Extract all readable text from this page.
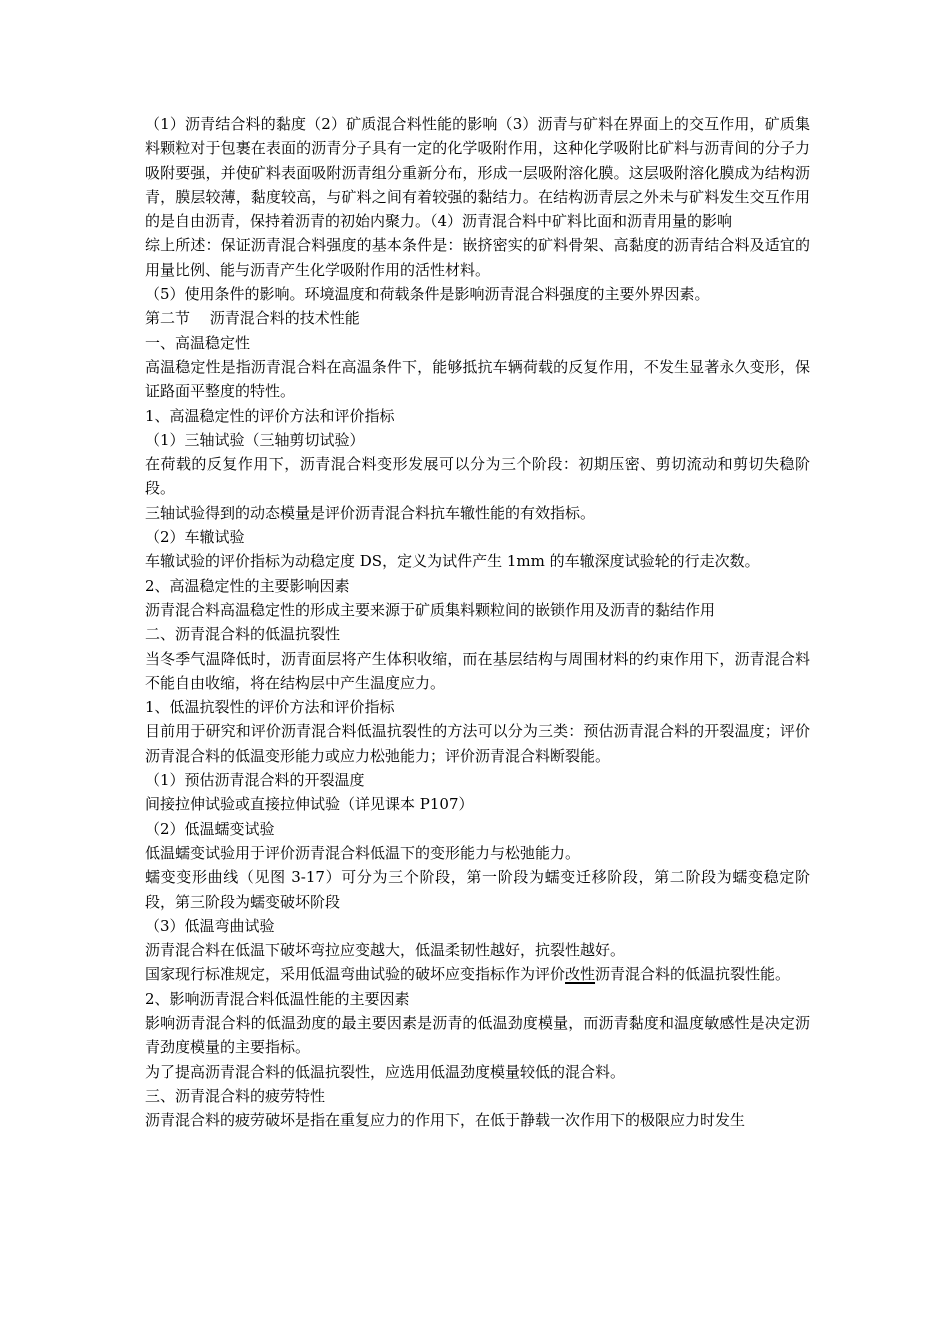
（1）沥青结合料的黏度（2）矿质混合料性能的影响（3）沥青与矿料在界面上的交互作用，矿质集料颗粒对于包裹在表面的沥青分子具有一定的化学吸附作用，这种化学吸附比矿料与沥青间的分子力吸附要强，并使矿料表面吸附沥青组分重新分布，形成一层吸附溶化膜。这层吸附溶化膜成为结构沥青，膜层较薄，黏度较高，与矿料之间有着较强的黏结力。在结构沥青层之外未与矿料发生交互作用的是自由沥青，保持着沥青的初始内聚力。（4）沥青混合料中矿料比面和沥青用量的影响

综上所述：保证沥青混合料强度的基本条件是：嵌挤密实的矿料骨架、高黏度的沥青结合料及适宜的用量比例、能与沥青产生化学吸附作用的活性材料。

（5）使用条件的影响。环境温度和荷载条件是影响沥青混合料强度的主要外界因素。

第二节　 沥青混合料的技术性能

一、高温稳定性

高温稳定性是指沥青混合料在高温条件下，能够抵抗车辆荷载的反复作用，不发生显著永久变形，保证路面平整度的特性。

1、高温稳定性的评价方法和评价指标

（1）三轴试验（三轴剪切试验）

在荷载的反复作用下，沥青混合料变形发展可以分为三个阶段：初期压密、剪切流动和剪切失稳阶段。

三轴试验得到的动态模量是评价沥青混合料抗车辙性能的有效指标。

（2）车辙试验

车辙试验的评价指标为动稳定度 DS，定义为试件产生 1mm 的车辙深度试验轮的行走次数。

2、高温稳定性的主要影响因素

沥青混合料高温稳定性的形成主要来源于矿质集料颗粒间的嵌锁作用及沥青的黏结作用

二、沥青混合料的低温抗裂性

当冬季气温降低时，沥青面层将产生体积收缩，而在基层结构与周围材料的约束作用下，沥青混合料不能自由收缩，将在结构层中产生温度应力。

1、低温抗裂性的评价方法和评价指标

目前用于研究和评价沥青混合料低温抗裂性的方法可以分为三类：预估沥青混合料的开裂温度；评价沥青混合料的低温变形能力或应力松弛能力；评价沥青混合料断裂能。

（1）预估沥青混合料的开裂温度

间接拉伸试验或直接拉伸试验（详见课本 P107）

（2）低温蠕变试验

低温蠕变试验用于评价沥青混合料低温下的变形能力与松弛能力。

蠕变变形曲线（见图 3-17）可分为三个阶段，第一阶段为蠕变迁移阶段，第二阶段为蠕变稳定阶段，第三阶段为蠕变破坏阶段

（3）低温弯曲试验

沥青混合料在低温下破坏弯拉应变越大，低温柔韧性越好，抗裂性越好。

国家现行标准规定，采用低温弯曲试验的破坏应变指标作为评价改性沥青混合料的低温抗裂性能。

2、影响沥青混合料低温性能的主要因素

影响沥青混合料的低温劲度的最主要因素是沥青的低温劲度模量，而沥青黏度和温度敏感性是决定沥青劲度模量的主要指标。

为了提高沥青混合料的低温抗裂性，应选用低温劲度模量较低的混合料。

三、沥青混合料的疲劳特性

沥青混合料的疲劳破坏是指在重复应力的作用下，在低于静载一次作用下的极限应力时发生
